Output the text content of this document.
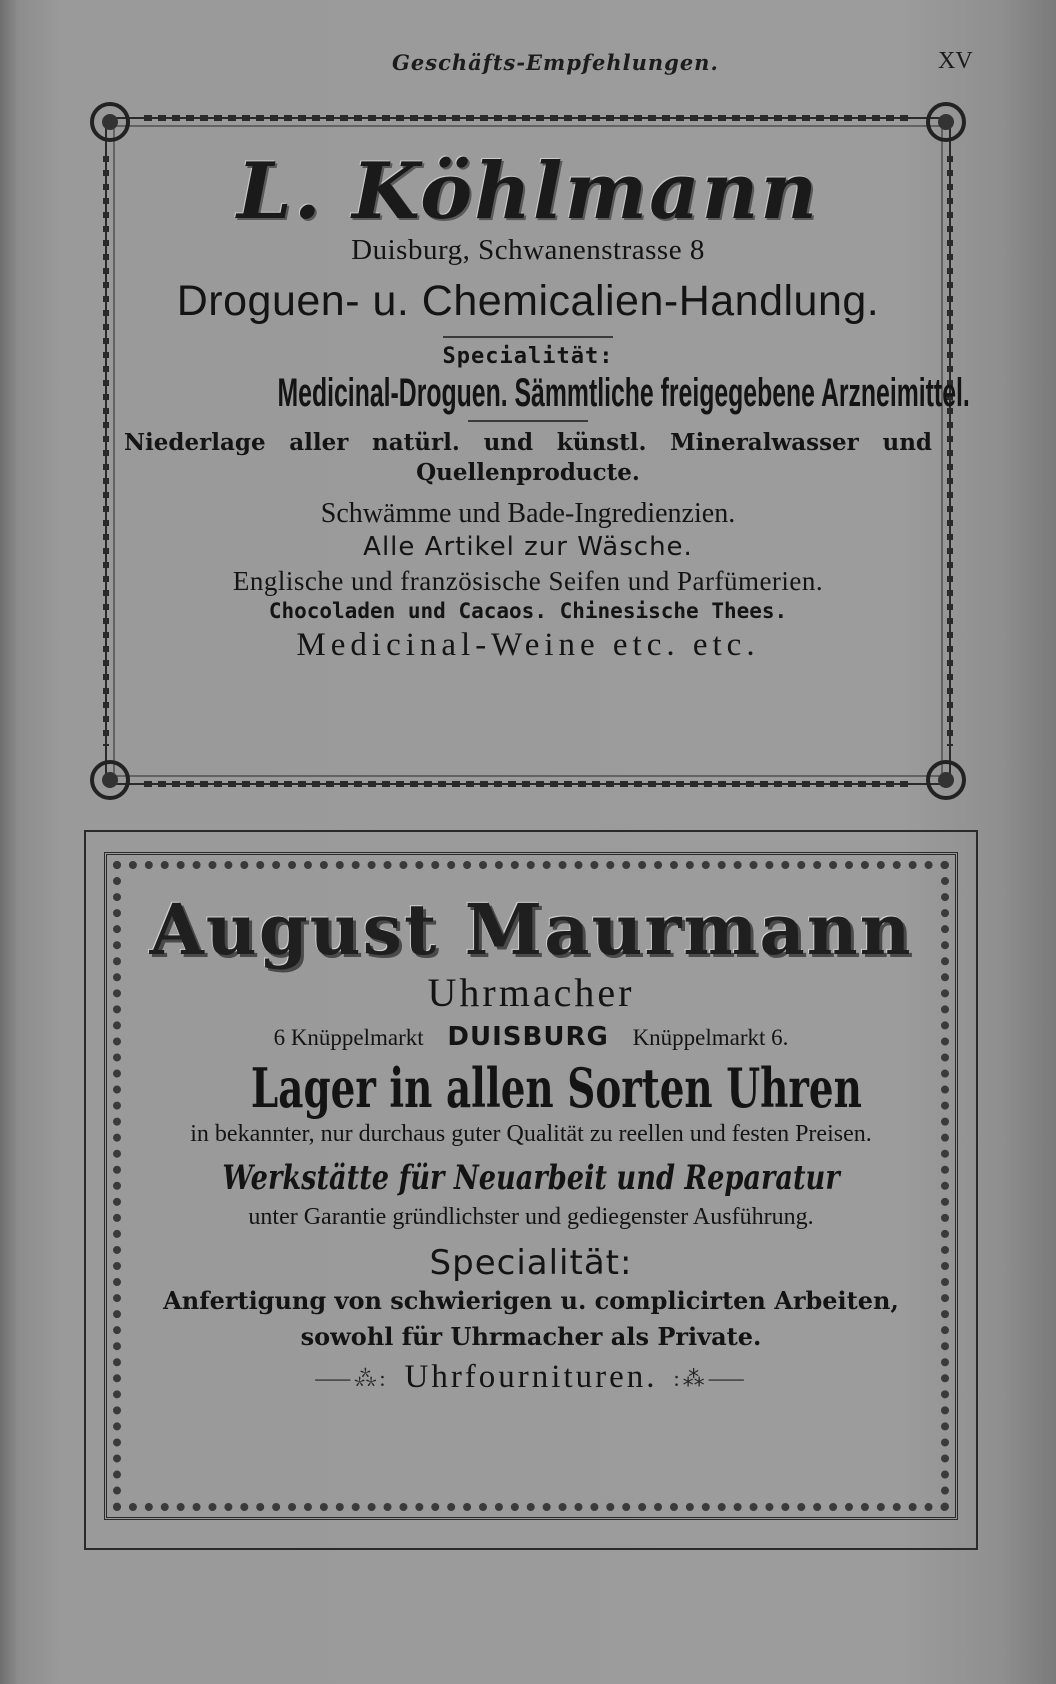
Geschäfts-Empfehlungen.	XV
L. Köhlmann
Duisburg, Schwanenstrasse 8
Droguen- u. Chemicalien-Handlung.
Specialität:
Medicinal-Droguen. Sämmtliche freigegebene Arzneimittel.
Niederlage aller natürl. und künstl. Mineralwasser und Quellenproducte.
Schwämme und Bade-Ingredienzien.
Alle Artikel zur Wäsche.
Englische und französische Seifen und Parfümerien.
Chocoladen und Cacaos. Chinesische Thees.
Medicinal-Weine etc. etc.
August Maurmann
Uhrmacher
6 Knüppelmarkt DUISBURG Knüppelmarkt 6.
Lager in allen Sorten Uhren
in bekannter, nur durchaus guter Qualität zu reellen und festen Preisen.
Werkstätte für Neuarbeit und Reparatur
unter Garantie gründlichster und gediegenster Ausführung.
Specialität:
Anfertigung von schwierigen u. complicirten Arbeiten,
sowohl für Uhrmacher als Private.
⸺⁂: Uhrfournituren. :⁂⸺
